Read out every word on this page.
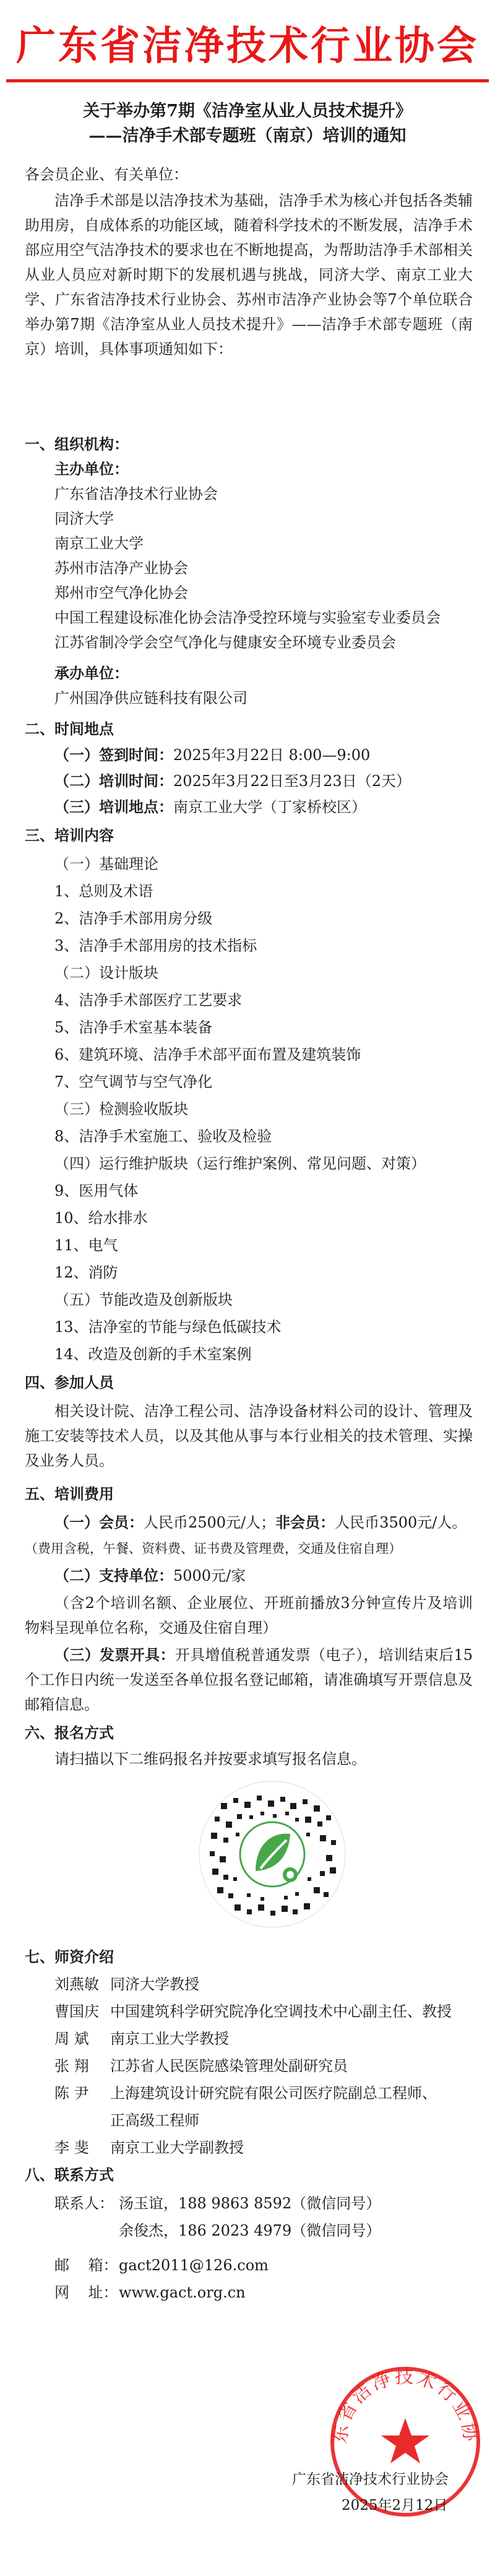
广东省洁净技术行业协会
关于举办第7期《洁净室从业人员技术提升》
——洁净手术部专题班（南京）培训的通知
各会员企业、有关单位：
洁净手术部是以洁净技术为基础，洁净手术为核心并包括各类辅助用房，自成体系的功能区域，随着科学技术的不断发展，洁净手术部应用空气洁净技术的要求也在不断地提高，为帮助洁净手术部相关从业人员应对新时期下的发展机遇与挑战，同济大学、南京工业大学、广东省洁净技术行业协会、苏州市洁净产业协会等7个单位联合举办第7期《洁净室从业人员技术提升》——洁净手术部专题班（南京）培训，具体事项通知如下：
一、组织机构：
主办单位：
广东省洁净技术行业协会
同济大学
南京工业大学
苏州市洁净产业协会
郑州市空气净化协会
中国工程建设标准化协会洁净受控环境与实验室专业委员会
江苏省制冷学会空气净化与健康安全环境专业委员会
承办单位：
广州国净供应链科技有限公司
二、时间地点
（一）签到时间：2025年3月22日 8:00—9:00
（二）培训时间：2025年3月22日至3月23日（2天）
（三）培训地点：南京工业大学（丁家桥校区）
三、培训内容
（一）基础理论
1、总则及术语
2、洁净手术部用房分级
3、洁净手术部用房的技术指标
（二）设计版块
4、洁净手术部医疗工艺要求
5、洁净手术室基本装备
6、建筑环境、洁净手术部平面布置及建筑装饰
7、空气调节与空气净化
（三）检测验收版块
8、洁净手术室施工、验收及检验
（四）运行维护版块（运行维护案例、常见问题、对策）
9、医用气体
10、给水排水
11、电气
12、消防
（五）节能改造及创新版块
13、洁净室的节能与绿色低碳技术
14、改造及创新的手术室案例
四、参加人员
相关设计院、洁净工程公司、洁净设备材料公司的设计、管理及施工安装等技术人员，以及其他从事与本行业相关的技术管理、实操及业务人员。
五、培训费用
（一）会员：人民币2500元/人；非会员：人民币3500元/人。
（费用含税，午餐、资料费、证书费及管理费，交通及住宿自理）
（二）支持单位：5000元/家
（含2个培训名额、企业展位、开班前播放3分钟宣传片及培训物料呈现单位名称，交通及住宿自理）
（三）发票开具：开具增值税普通发票（电子），培训结束后15个工作日内统一发送至各单位报名登记邮箱，请准确填写开票信息及邮箱信息。
六、报名方式
请扫描以下二维码报名并按要求填写报名信息。
七、师资介绍
刘燕敏 同济大学教授
曹国庆 中国建筑科学研究院净化空调技术中心副主任、教授
周 斌 南京工业大学教授
张 翔 江苏省人民医院感染管理处副研究员
陈 尹 上海建筑设计研究院有限公司医疗院副总工程师、
正高级工程师
李 斐 南京工业大学副教授
八、联系方式
联系人： 汤玉谊，188 9863 8592（微信同号）
余俊杰，186 2023 4979（微信同号）
邮    箱：gact2011@126.com
网    址：www.gact.org.cn
东省洁净技术行业协
广东省洁净技术行业协会
2025年2月12日
